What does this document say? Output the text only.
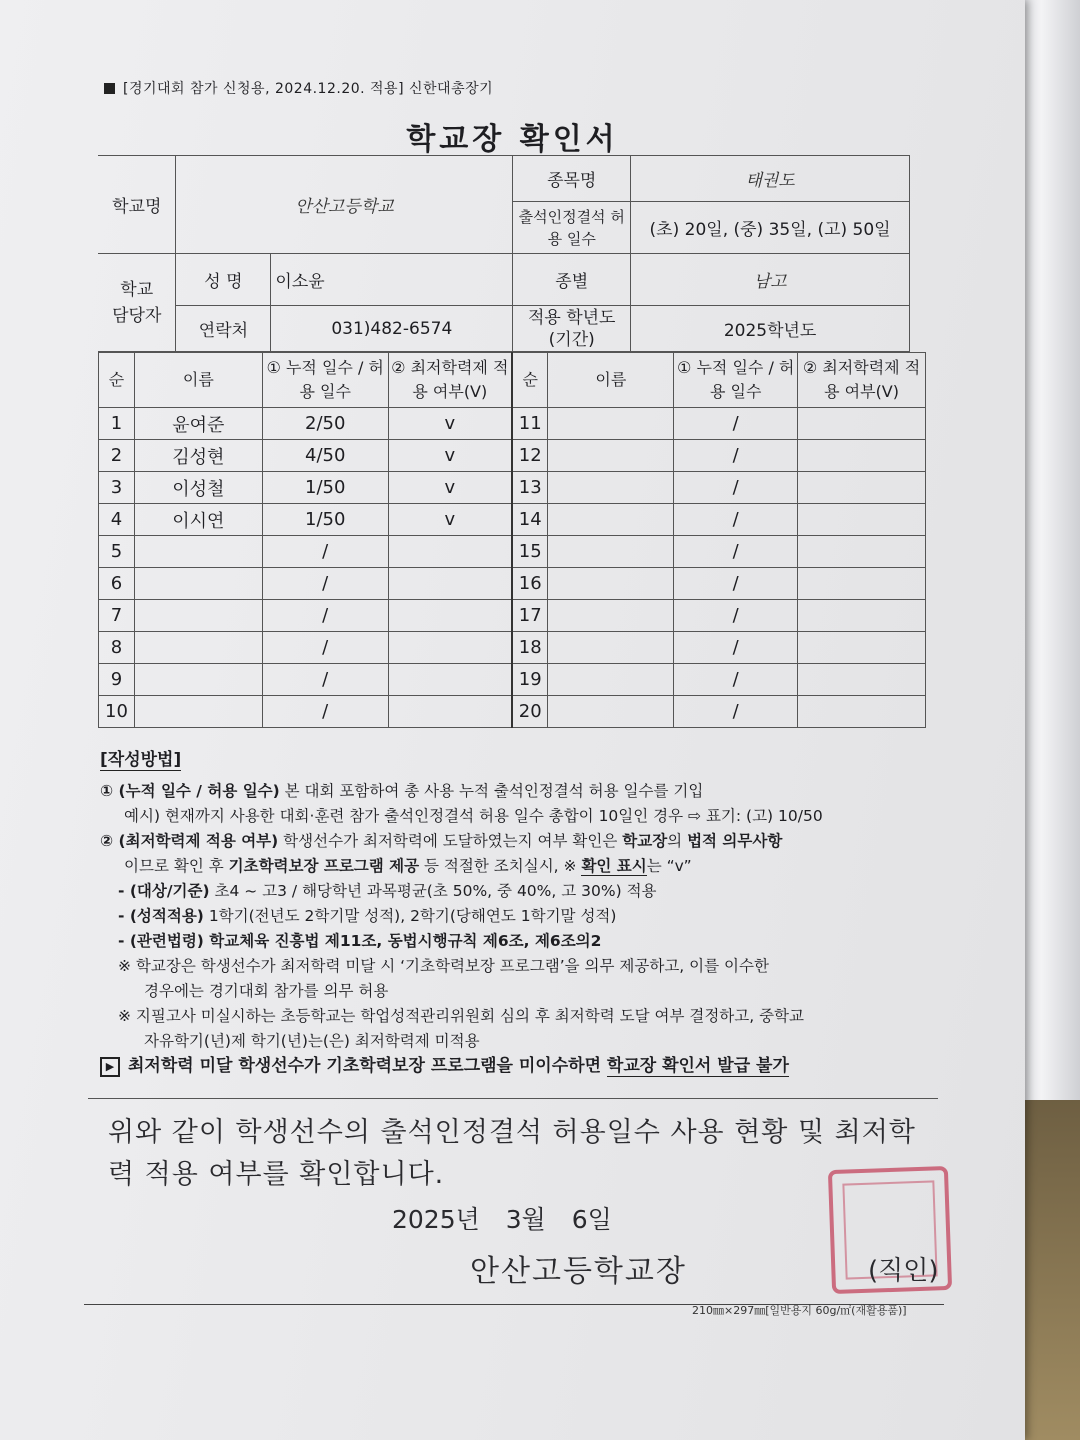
[경기대회 참가 신청용, 2024.12.20. 적용] 신한대총장기
학교장 확인서
학교명	안산고등학교		종목명	태권도
			출석인정결석 허용 일수	(초) 20일, (중) 35일, (고) 50일
학교 담당자	성 명	이소윤	종별	남고
	연락처	031)482-6574	적용 학년도 (기간)	2025학년도
순	이름	① 누적 일수 / 허용 일수	② 최저학력제 적용 여부(V)	순	이름	① 누적 일수 / 허용 일수	② 최저학력제 적용 여부(V)
1	윤여준	2/50	v	11		/	
2	김성현	4/50	v	12		/	
3	이성철	1/50	v	13		/	
4	이시연	1/50	v	14		/	
5		/		15		/	
6		/		16		/	
7		/		17		/	
8		/		18		/	
9		/		19		/	
10		/		20		/	
[작성방법]

① (누적 일수 / 허용 일수) 본 대회 포함하여 총 사용 누적 출석인정결석 허용 일수를 기입

예시) 현재까지 사용한 대회·훈련 참가 출석인정결석 허용 일수 총합이 10일인 경우 ⇨ 표기: (고) 10/50

② (최저학력제 적용 여부) 학생선수가 최저학력에 도달하였는지 여부 확인은 학교장의 법적 의무사항

이므로 확인 후 기초학력보장 프로그램 제공 등 적절한 조치실시, ※ 확인 표시는 “v”

- (대상/기준) 초4 ~ 고3 / 해당학년 과목평균(초 50%, 중 40%, 고 30%) 적용

- (성적적용) 1학기(전년도 2학기말 성적), 2학기(당해연도 1학기말 성적)

- (관련법령) 학교체육 진흥법 제11조, 동법시행규칙 제6조, 제6조의2

※ 학교장은 학생선수가 최저학력 미달 시 ‘기초학력보장 프로그램’을 의무 제공하고, 이를 이수한

경우에는 경기대회 참가를 의무 허용

※ 지필고사 미실시하는 초등학교는 학업성적관리위원회 심의 후 최저학력 도달 여부 결정하고, 중학교

자유학기(년)제 학기(년)는(은) 최저학력제 미적용

▶ 최저학력 미달 학생선수가 기초학력보장 프로그램을 미이수하면 학교장 확인서 발급 불가

위와 같이 학생선수의 출석인정결석 허용일수 사용 현황 및 최저학력 적용 여부를 확인합니다.
2025년 3월 6일
안산고등학교장	(직인)
210㎜×297㎜[일반용지 60g/㎡(재활용품)]
